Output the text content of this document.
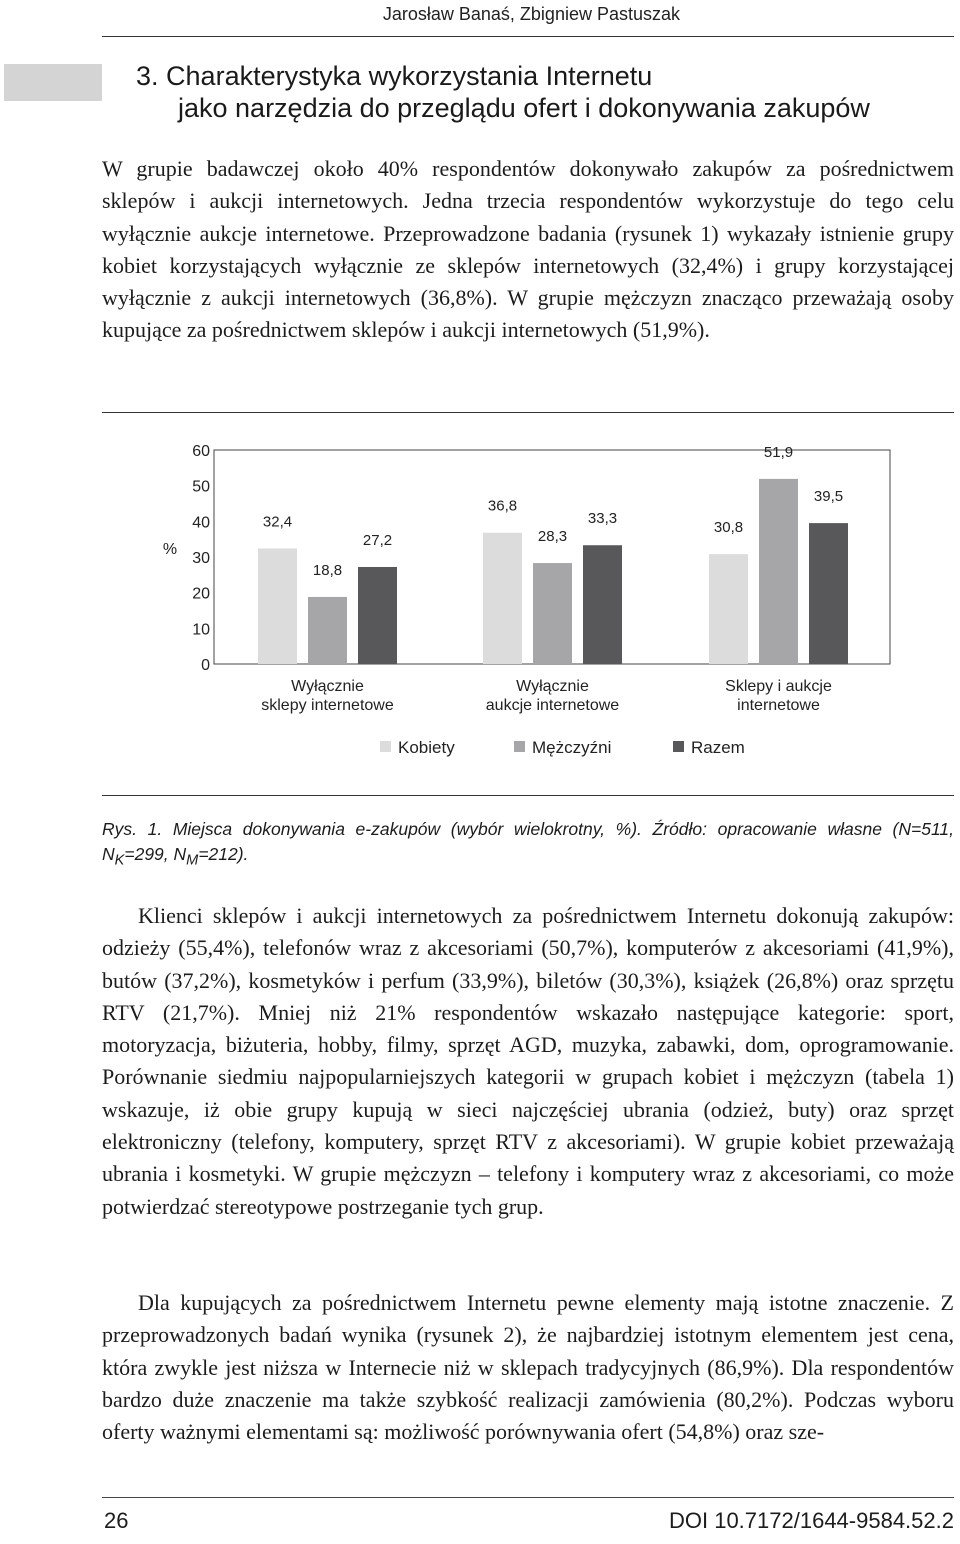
Jarosław Banaś, Zbigniew Pastuszak
3. Charakterystyka wykorzystania Internetu
jako narzędzia do przeglądu ofert i dokonywania zakupów

W grupie badawczej około 40% respondentów dokonywało zakupów za pośrednictwem sklepów i aukcji internetowych. Jedna trzecia respondentów wykorzystuje do tego celu wyłącznie aukcje internetowe. Przeprowadzone badania (rysunek 1) wykazały istnienie grupy kobiet korzystających wyłącznie ze sklepów internetowych (32,4%) i grupy korzystającej wyłącznie z aukcji internetowych (36,8%). W grupie mężczyzn znacząco przeważają osoby kupujące za pośrednictwem sklepów i aukcji internetowych (51,9%).

0
10
20
30
40
50
60
%
32,4
36,8
30,8
18,8
28,3
51,9
27,2
33,3
39,5
Wyłącznie
sklepy internetowe
Wyłącznie
aukcje internetowe
Sklepy i aukcje
internetowe
Kobiety	Mężczyźni	Razem
Rys. 1. Miejsca dokonywania e-zakupów (wybór wielokrotny, %). Źródło: opracowanie własne (N=511, $N_K=299$, $N_M=212$).

Klienci sklepów i aukcji internetowych za pośrednictwem Internetu dokonują zakupów: odzieży (55,4%), telefonów wraz z akcesoriami (50,7%), komputerów z akcesoriami (41,9%), butów (37,2%), kosmetyków i perfum (33,9%), biletów (30,3%), książek (26,8%) oraz sprzętu RTV (21,7%). Mniej niż 21% respondentów wskazało następujące kategorie: sport, motoryzacja, biżuteria, hobby, filmy, sprzęt AGD, muzyka, zabawki, dom, oprogramowanie. Porównanie siedmiu najpopularniejszych kategorii w grupach kobiet i mężczyzn (tabela 1) wskazuje, iż obie grupy kupują w sieci najczęściej ubrania (odzież, buty) oraz sprzęt elektroniczny (telefony, komputery, sprzęt RTV z akcesoriami). W grupie kobiet przeważają ubrania i kosmetyki. W grupie mężczyzn – telefony i komputery wraz z akcesoriami, co może potwierdzać stereotypowe postrzeganie tych grup.

Dla kupujących za pośrednictwem Internetu pewne elementy mają istotne znaczenie. Z przeprowadzonych badań wynika (rysunek 2), że najbardziej istotnym elementem jest cena, która zwykle jest niższa w Internecie niż w sklepach tradycyjnych (86,9%). Dla respondentów bardzo duże znaczenie ma także szybkość realizacji zamówienia (80,2%). Podczas wyboru oferty ważnymi elementami są: możliwość porównywania ofert (54,8%) oraz sze-

26	DOI 10.7172/1644-9584.52.2
